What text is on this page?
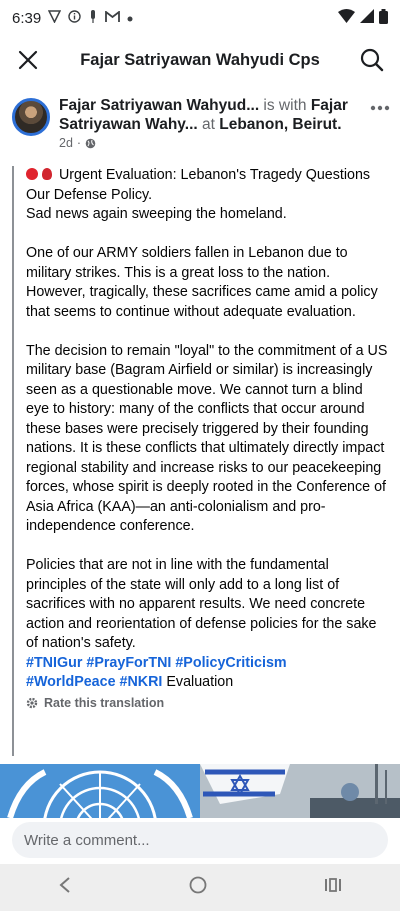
6:39
Fajar Satriyawan Wahyudi Cps
Fajar Satriyawan Wahyud... is with Fajar Satriyawan Wahy... at Lebanon, Beirut.
2d ·

Urgent Evaluation: Lebanon's Tragedy Questions Our Defense Policy.
Sad news again sweeping the homeland.

One of our ARMY soldiers fallen in Lebanon due to military strikes. This is a great loss to the nation. However, tragically, these sacrifices came amid a policy that seems to continue without adequate evaluation.

The decision to remain "loyal" to the commitment of a US military base (Bagram Airfield or similar) is increasingly seen as a questionable move. We cannot turn a blind eye to history: many of the conflicts that occur around these bases were precisely triggered by their founding nations. It is these conflicts that ultimately directly impact regional stability and increase risks to our peacekeeping forces, whose spirit is deeply rooted in the Conference of Asia Africa (KAA)—an anti-colonialism and pro-independence conference.

Policies that are not in line with the fundamental principles of the state will only add to a long list of sacrifices with no apparent results. We need concrete action and reorientation of defense policies for the sake of nation's safety.
#TNIGur #PrayForTNI #PolicyCriticism
#WorldPeace #NKRI Evaluation

Rate this translation
Write a comment...
